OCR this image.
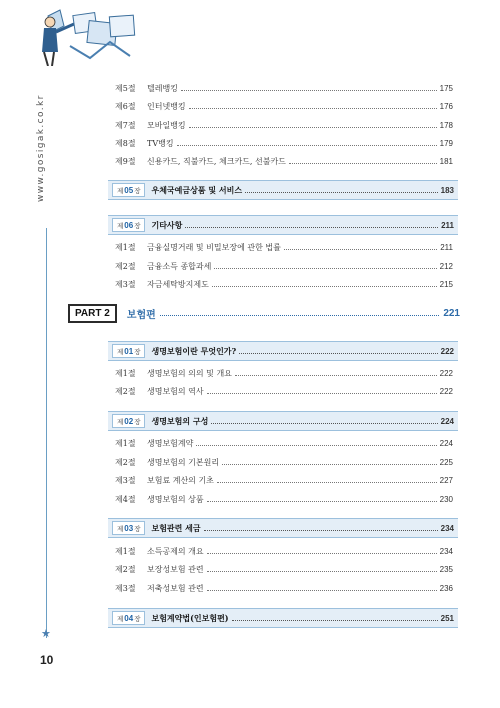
www.gosigak.co.kr
★
10
제5절	텔레뱅킹	175
제6절	인터넷뱅킹	176
제7절	모바일뱅킹	178
제8절	TV뱅킹	179
제9절	신용카드, 직불카드, 체크카드, 선불카드	181
제 05 장 우체국예금상품 및 서비스	183
제 06 장 기타사항	211
제1절	금융실명거래 및 비밀보장에 관한 법률	211
제2절	금융소득 종합과세	212
제3절	자금세탁방지제도	215
PART 2	보험편	221
제 01 장 생명보험이란 무엇인가?	222
제1절	생명보험의 의의 및 개요	222
제2절	생명보험의 역사	222
제 02 장 생명보험의 구성	224
제1절	생명보험계약	224
제2절	생명보험의 기본원리	225
제3절	보험료 계산의 기초	227
제4절	생명보험의 상품	230
제 03 장 보험관련 세금	234
제1절	소득공제의 개요	234
제2절	보장성보험 관련	235
제3절	저축성보험 관련	236
제 04 장 보험계약법(인보험편)	251
